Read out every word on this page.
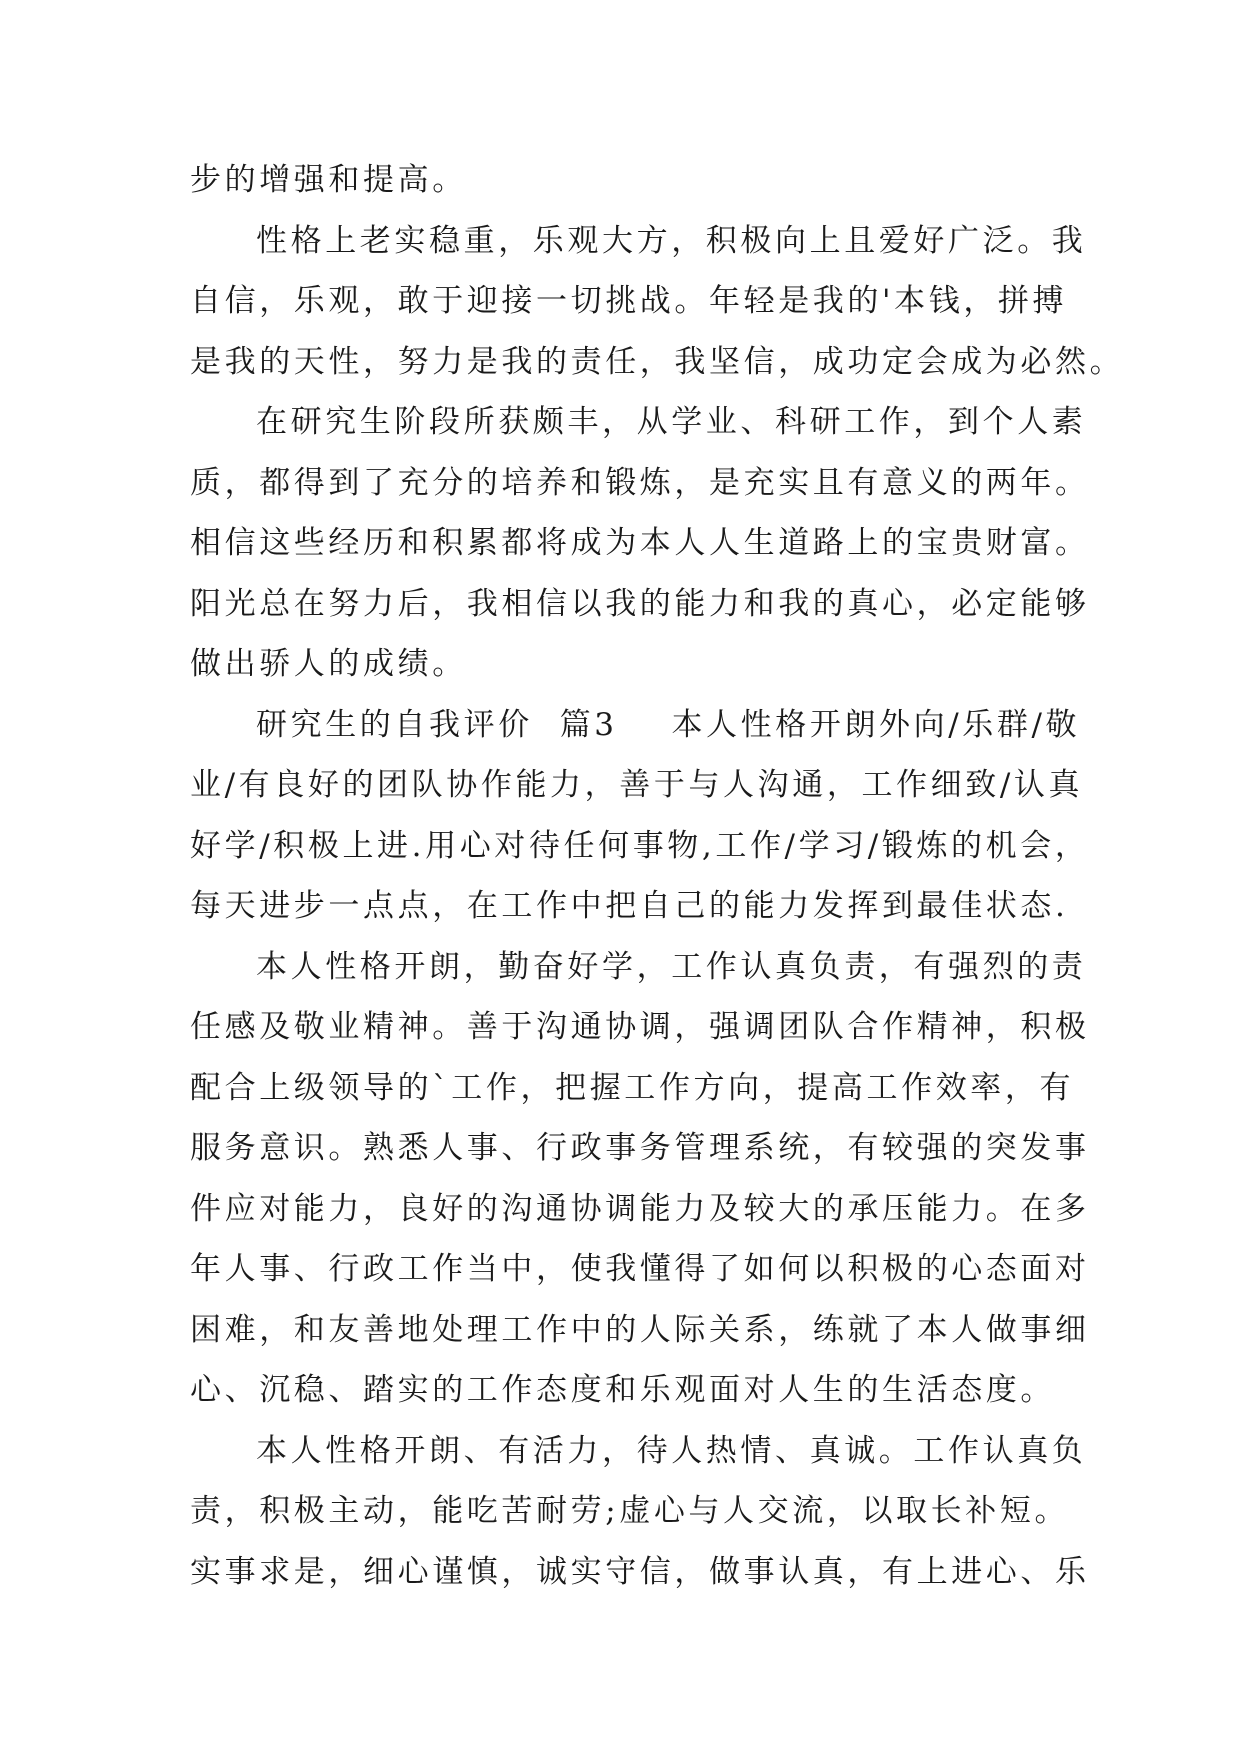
步的增强和提高。
性格上老实稳重，乐观大方，积极向上且爱好广泛。我
自信，乐观，敢于迎接一切挑战。年轻是我的'本钱，拼搏
是我的天性，努力是我的责任，我坚信，成功定会成为必然。
在研究生阶段所获颇丰，从学业、科研工作，到个人素
质，都得到了充分的培养和锻炼，是充实且有意义的两年。
相信这些经历和积累都将成为本人人生道路上的宝贵财富。
阳光总在努力后，我相信以我的能力和我的真心，必定能够
做出骄人的成绩。
研究生的自我评价  篇3    本人性格开朗外向/乐群/敬
业/有良好的团队协作能力，善于与人沟通，工作细致/认真
好学/积极上进.用心对待任何事物,工作/学习/锻炼的机会，
每天进步一点点，在工作中把自己的能力发挥到最佳状态.
本人性格开朗，勤奋好学，工作认真负责，有强烈的责
任感及敬业精神。善于沟通协调，强调团队合作精神，积极
配合上级领导的`工作，把握工作方向，提高工作效率，有
服务意识。熟悉人事、行政事务管理系统，有较强的突发事
件应对能力，良好的沟通协调能力及较大的承压能力。在多
年人事、行政工作当中，使我懂得了如何以积极的心态面对
困难，和友善地处理工作中的人际关系，练就了本人做事细
心、沉稳、踏实的工作态度和乐观面对人生的生活态度。
本人性格开朗、有活力，待人热情、真诚。工作认真负
责，积极主动，能吃苦耐劳;虚心与人交流，以取长补短。
实事求是，细心谨慎，诚实守信，做事认真，有上进心、乐
